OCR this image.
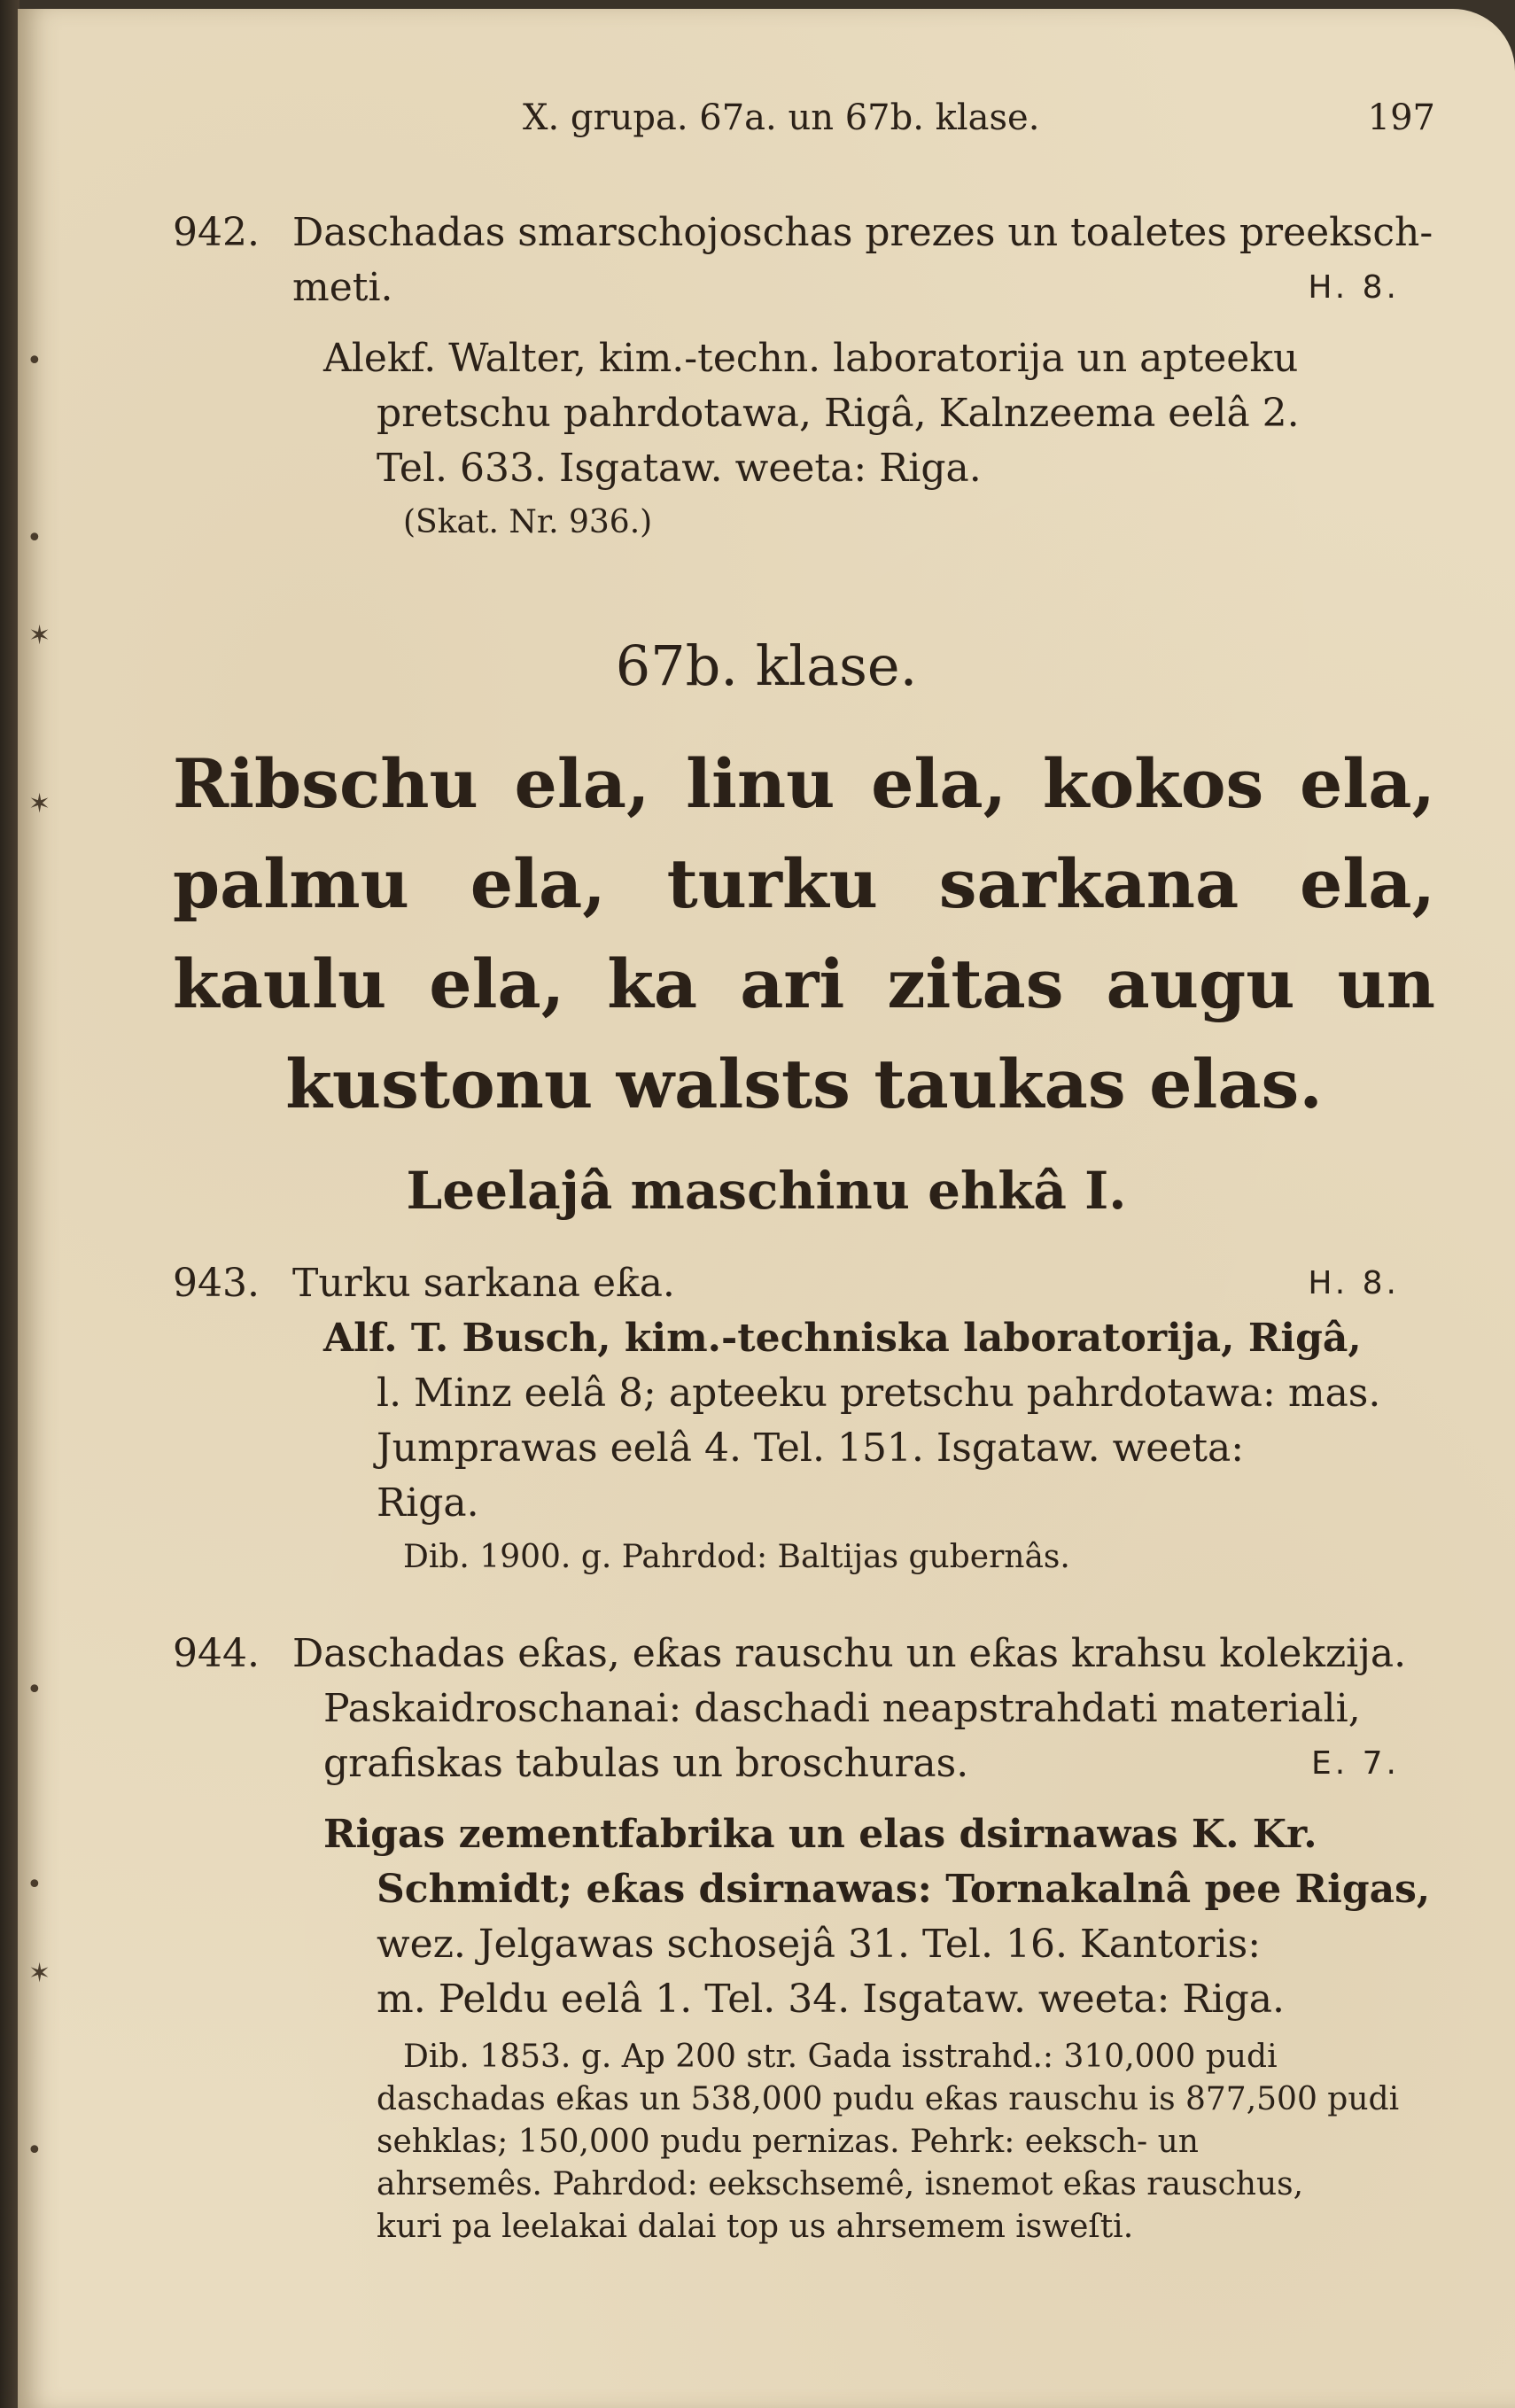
•
✶
•
✶
•
•
✶
•
X. grupa. 67a. un 67b. klase.	197
942. Daschadas smarschojoschas prezes un toaletes preeksch-

meti.	H. 8.

Alekf. Walter, kim.-techn. laboratorija un apteeku

pretschu pahrdotawa, Rigâ, Kalnzeema eelâ 2.

Tel. 633. Isgataw. weeta: Riga.

(Skat. Nr. 936.)

67b. klase.
Ribschu ela, linu ela, kokos ela, palmu ela, turku sarkana ela, kaulu ela, ka ari zitas augu un kustonu walsts taukas elas.
Leelajâ maschinu ehkâ I.
943. Turku sarkana eƙa.	H. 8.

Alf. T. Busch, kim.-techniska laboratorija, Rigâ,

l. Minz eelâ 8; apteeku pretschu pahrdotawa: mas.

Jumprawas eelâ 4. Tel. 151. Isgataw. weeta:

Riga.

Dib. 1900. g. Pahrdod: Baltijas gubernâs.

944. Daschadas eƙas, eƙas rauschu un eƙas krahsu kolekzija.

Paskaidroschanai: daschadi neapstrahdati materiali,

grafiskas tabulas un broschuras.	E. 7.

Rigas zementfabrika un elas dsirnawas K. Kr.

Schmidt; eƙas dsirnawas: Tornakalnâ pee Rigas,

wez. Jelgawas schosejâ 31. Tel. 16. Kantoris:

m. Peldu eelâ 1. Tel. 34. Isgataw. weeta: Riga.

Dib. 1853. g. Ap 200 str. Gada isstrahd.: 310,000 pudi

daschadas eƙas un 538,000 pudu eƙas rauschu is 877,500 pudi

sehklas; 150,000 pudu pernizas. Pehrk: eeksch- un

ahrsemês. Pahrdod: eekschsemê, isnemot eƙas rauschus,

kuri pa leelakai dalai top us ahrsemem isweſti.
